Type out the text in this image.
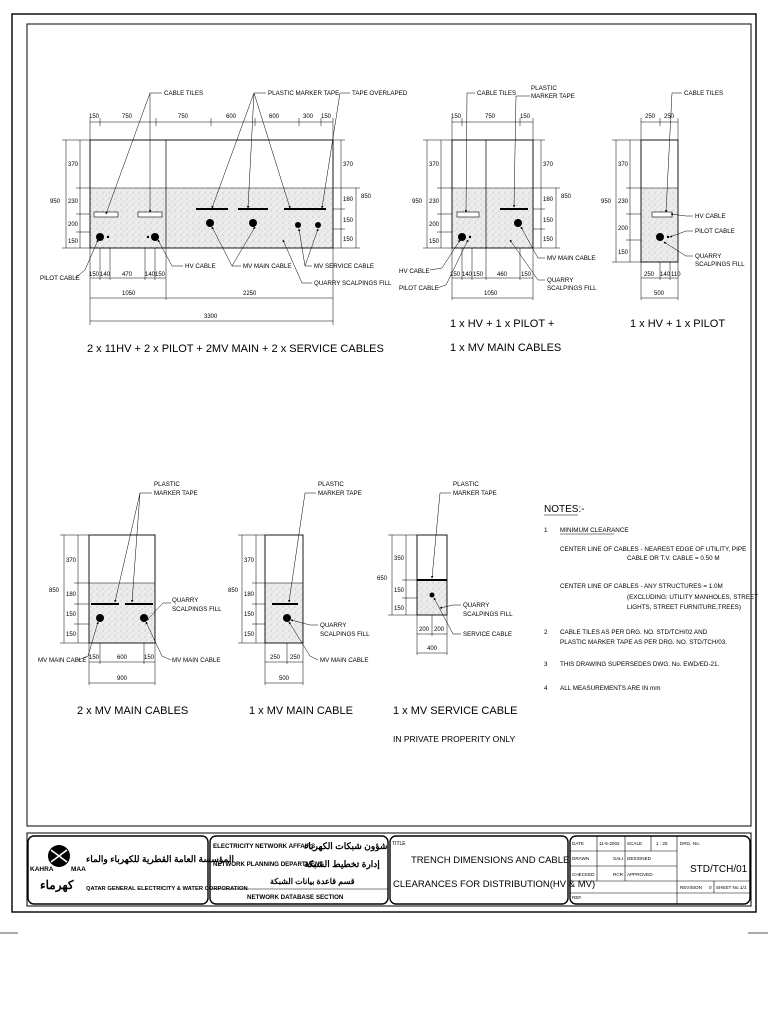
150	750	750	600	600	300 150
370
230
200
150
950
370
180
150
150
850
150 140 470 140 150
1050	2250
3300
CABLE TILES	PLASTIC MARKER TAPE TAPE OVERLAPED
PILOT CABLE
HV CABLE	MV MAIN CABLE	MV SERVICE CABLE
QUARRY SCALPINGS FILL
2 x 11HV + 2 x PILOT + 2MV MAIN + 2 x SERVICE CABLES
150	750	150
370
230
200
150
950
370
180
150
150
850
150 140 150 460 150
1050
CABLE TILES
PLASTIC
MARKER TAPE
HV CABLE
PILOT CABLE
MV MAIN CABLE
QUARRY
SCALPINGS FILL
1 x HV + 1 x PILOT +
1 x MV MAIN CABLES
250 250
370
230
200
150
950
250 140 110
500
CABLE TILES
HV CABLE
PILOT CABLE
QUARRY
SCALPINGS FILL
1 x HV + 1 x PILOT
370
180
150
150
850
150	600	150
900
PLASTIC
MARKER TAPE
QUARRY
SCALPINGS FILL
MV MAIN CABLE	MV MAIN CABLE
2 x MV MAIN CABLES
370
180
150
150
850
250 250
500
PLASTIC
MARKER TAPE
QUARRY
SCALPINGS FILL
MV MAIN CABLE
1 x MV MAIN CABLE
350
150
150
650
200 200
400
PLASTIC
MARKER TAPE
QUARRY
SCALPINGS FILL
SERVICE CABLE
1 x MV SERVICE CABLE
IN PRIVATE PROPERITY ONLY
NOTES:-
1 MINIMUM CLEARANCE
CENTER LINE OF CABLES - NEAREST EDGE OF UTILITY, PIPE
CABLE OR T.V. CABLE = 0.50 M
CENTER LINE OF CABLES - ANY STRUCTURES = 1.0M
(EXCLUDING: UTILITY MANHOLES, STREET
LIGHTS, STREET FURNITURE,TREES)
2 CABLE TILES AS PER DRG. NO. STD/TCH/02 AND
PLASTIC MARKER TAPE AS PER DRG. NO. STD/TCH/03.
3 THIS DRAWING SUPERSEDES DWG. No. EWD/ED-21.
4 ALL MEASUREMENTS ARE IN mm
KAHRA	MAA
كهرماء
المؤسسة العامة القطرية للكهرباء والماء
QATAR GENERAL ELECTRICITY & WATER CORPORATION
ELECTRICITY NETWORK AFFAIRS
NETWORK PLANNING DEPARTMENT
شؤون شبكات الكهرباء
إدارة تخطيط الشبكة
قسم قاعدة بيانات الشبكة
NETWORK DATABASE SECTION
TITLE
TRENCH DIMENSIONS AND CABLE
CLEARANCES FOR DISTRIBUTION(HV & MV)
DATE	11-5-2002 SCALE	1 : 25
DRAWN	SALI DESIGNED
CHECKED	RCR APPROVED
REF.
DRG. No.
STD/TCH/01
REVISION 0 SHEET No. 1/1
